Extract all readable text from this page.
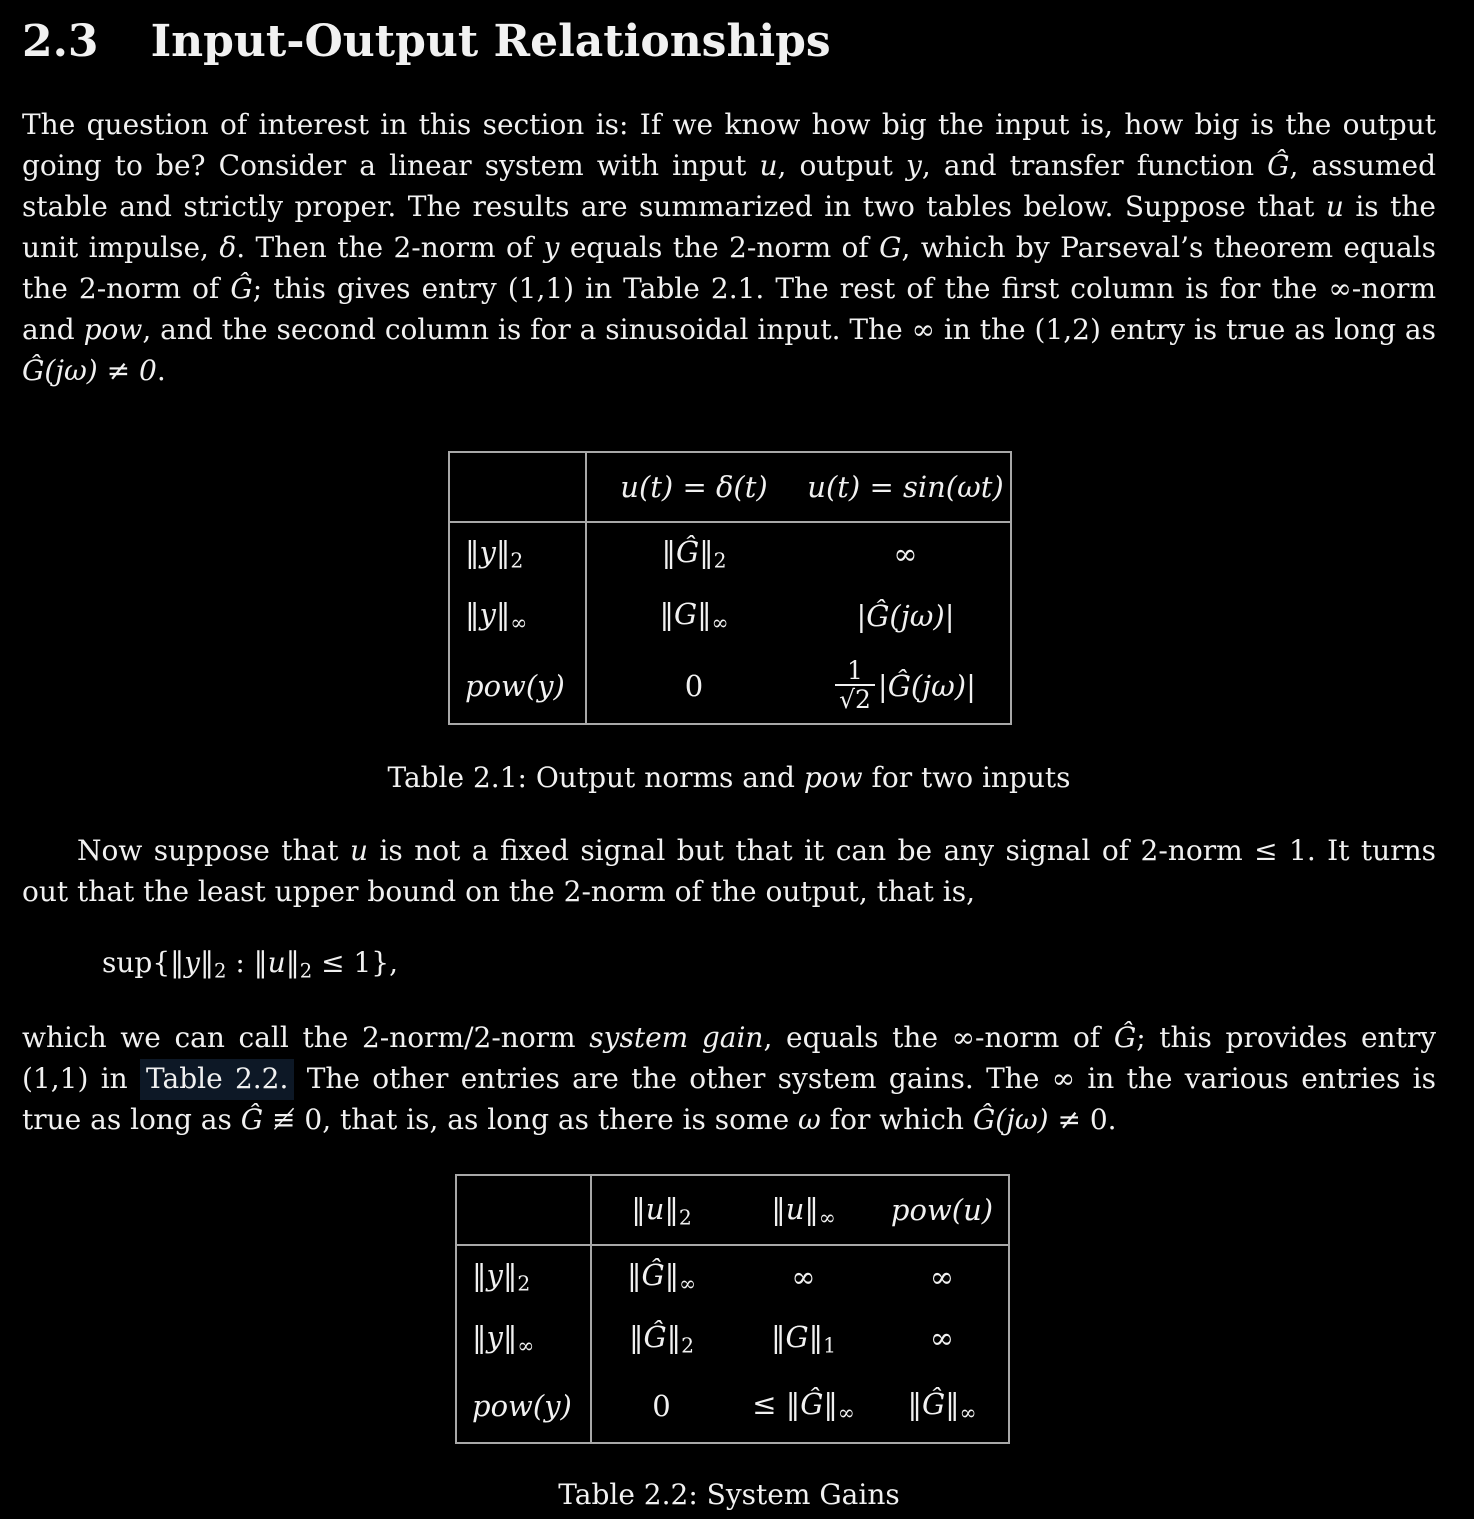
2.3 Input-Output Relationships
The question of interest in this section is: If we know how big the input is, how big is the output going to be? Consider a linear system with input u, output y, and transfer function Ĝ, assumed stable and strictly proper. The results are summarized in two tables below. Suppose that u is the unit impulse, δ. Then the 2-norm of y equals the 2-norm of G, which by Parseval’s theorem equals the 2-norm of Ĝ; this gives entry (1,1) in Table 2.1. The rest of the first column is for the ∞-norm and pow, and the second column is for a sinusoidal input. The ∞ in the (1,2) entry is true as long as Ĝ(jω) ≠ 0.
	u(t) = δ(t)	u(t) = sin(ωt)
‖y‖2	‖Ĝ‖2	∞
‖y‖∞	‖G‖∞	|Ĝ(jω)|
pow(y)	0	$\frac{1}{√2}$ |Ĝ(jω)|
Table 2.1: Output norms and pow for two inputs
Now suppose that u is not a fixed signal but that it can be any signal of 2-norm ≤ 1. It turns out that the least upper bound on the 2-norm of the output, that is,
sup{‖y‖2 : ‖u‖2 ≤ 1},
which we can call the 2-norm/2-norm system gain, equals the ∞-norm of Ĝ; this provides entry (1,1) in Table 2.2. The other entries are the other system gains. The ∞ in the various entries is true as long as Ĝ ≢ 0, that is, as long as there is some ω for which Ĝ(jω) ≠ 0.
	‖u‖2	‖u‖∞	pow(u)
‖y‖2	‖Ĝ‖∞	∞	∞
‖y‖∞	‖Ĝ‖2	‖G‖1	∞
pow(y)	0	≤ ‖Ĝ‖∞	‖Ĝ‖∞
Table 2.2: System Gains
